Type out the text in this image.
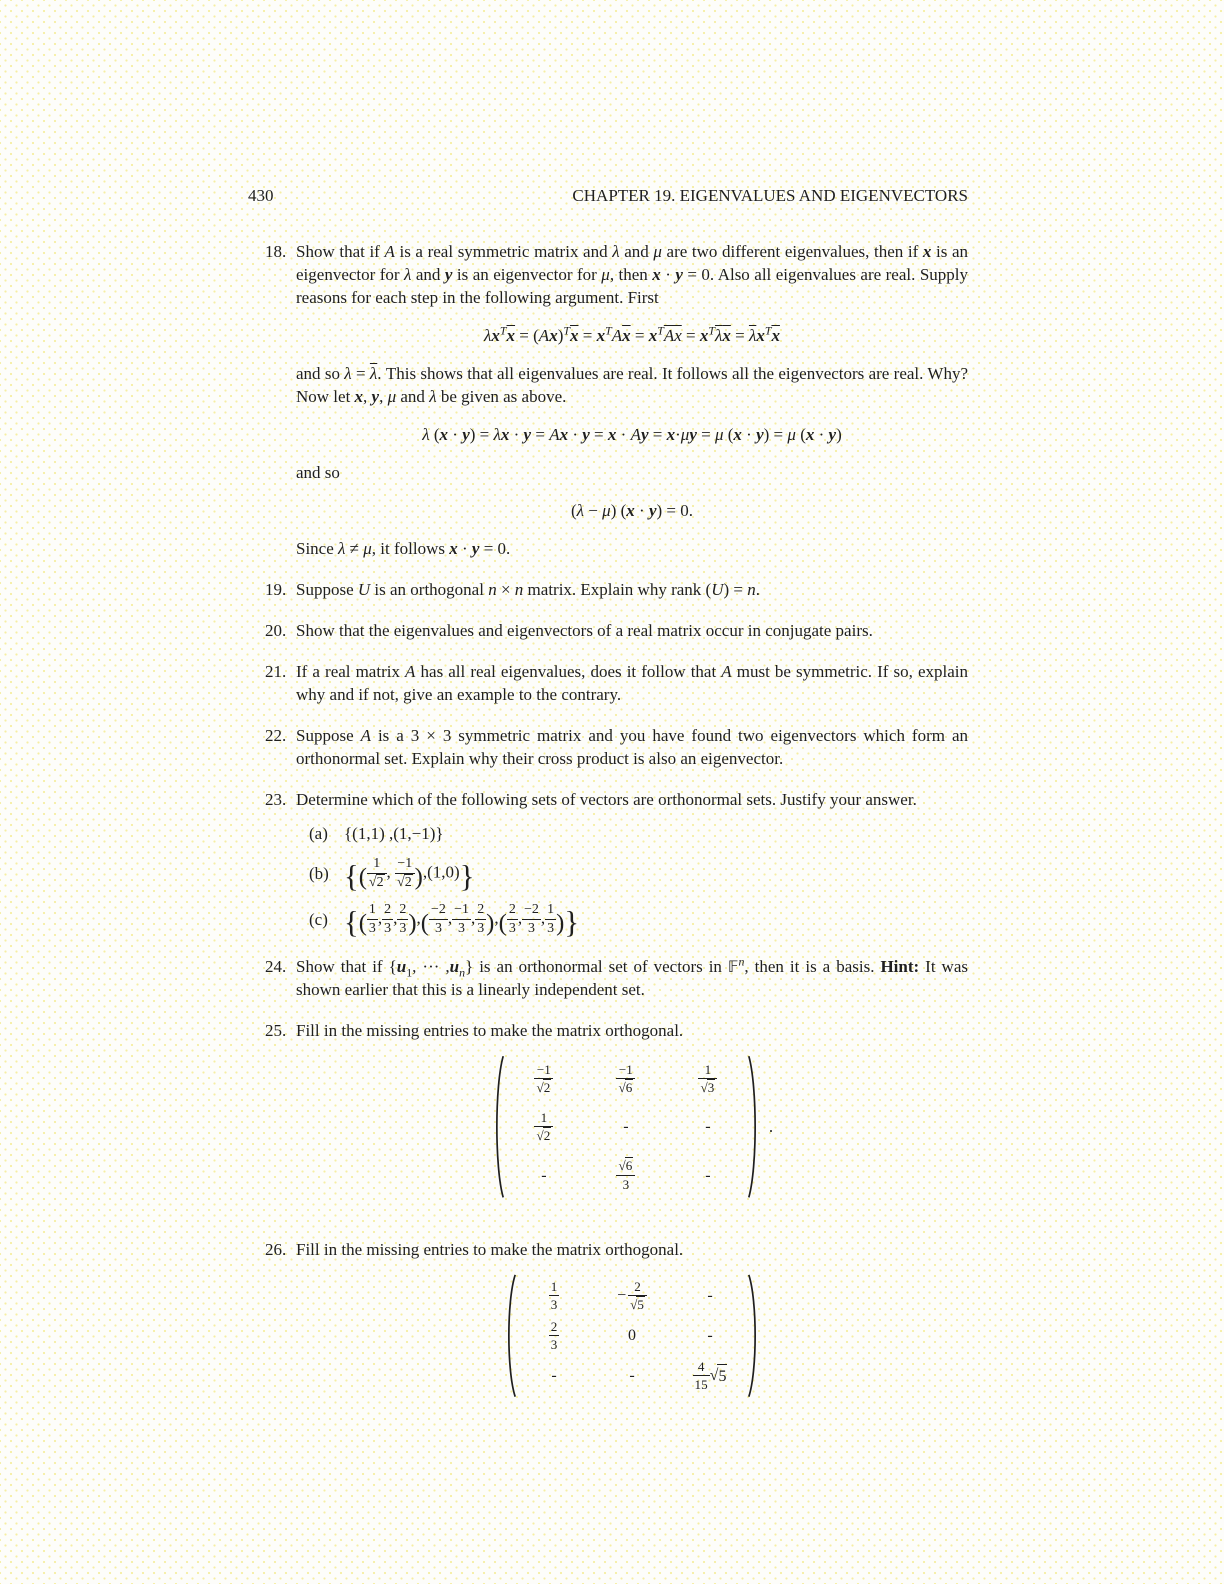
430	CHAPTER 19. EIGENVALUES AND EIGENVECTORS
18. Show that if A is a real symmetric matrix and λ and μ are two different eigenvalues, then if x is an eigenvector for λ and y is an eigenvector for μ, then x · y = 0. Also all eigenvalues are real. Supply reasons for each step in the following argument. First

$\lambda x^T\overline{x} = (Ax)^T\overline{x} = x^TA\overline{x} = x^T\overline{Ax} = x^T\overline{\lambda}\overline{x} = \overline{\lambda}x^T\overline{x}$

and so $\lambda = \overline{\lambda}$. This shows that all eigenvalues are real. It follows all the eigenvectors are real. Why? Now let x, y, μ and λ be given as above.

λ (x · y) = λx · y = Ax · y = x · Ay = x·μy = μ (x · y) = μ (x · y)

and so

(λ − μ) (x · y) = 0.

Since λ ≠ μ, it follows x · y = 0.

19. Suppose U is an orthogonal n × n matrix. Explain why rank (U) = n.

20. Show that the eigenvalues and eigenvectors of a real matrix occur in conjugate pairs.

21. If a real matrix A has all real eigenvalues, does it follow that A must be symmetric. If so, explain why and if not, give an example to the contrary.

22. Suppose A is a 3 × 3 symmetric matrix and you have found two eigenvectors which form an orthonormal set. Explain why their cross product is also an eigenvector.

23. Determine which of the following sets of vectors are orthonormal sets. Justify your answer.

(a) {(1,1) ,(1,−1)}
(b) {( $\frac{1}{√2}$ , $\frac{-1}{√2} ),(1,0)$}
(c) {( $\frac{1}{3}$ , $\frac{2}{3}$ , $\frac{2}{3}$ ),( $\frac{-2}{3}$ , $\frac{-1}{3}$ , $\frac{2}{3}$ ),( $\frac{2}{3}$ , $\frac{-2}{3}$ , $\frac{1}{3}$ )}
24. Show that if {$u_1$, ··· $,u_n$} is an orthonormal set of vectors in 𝔽$^n$, then it is a basis. Hint: It was shown earlier that this is a linearly independent set.

25. Fill in the missing entries to make the matrix orthogonal.

$\frac{-1}{√2}$	$\frac{-1}{√6}$	$\frac{1}{√3}$
$\frac{1}{√2}$	-	-
-	$\frac{√6}{3}$	-
.
26. Fill in the missing entries to make the matrix orthogonal.

$\frac{1}{3}$	− $\frac{2}{√5}$	-
$\frac{2}{3}$	0	-
-	-	$\frac{4}{15}$ √ 5
